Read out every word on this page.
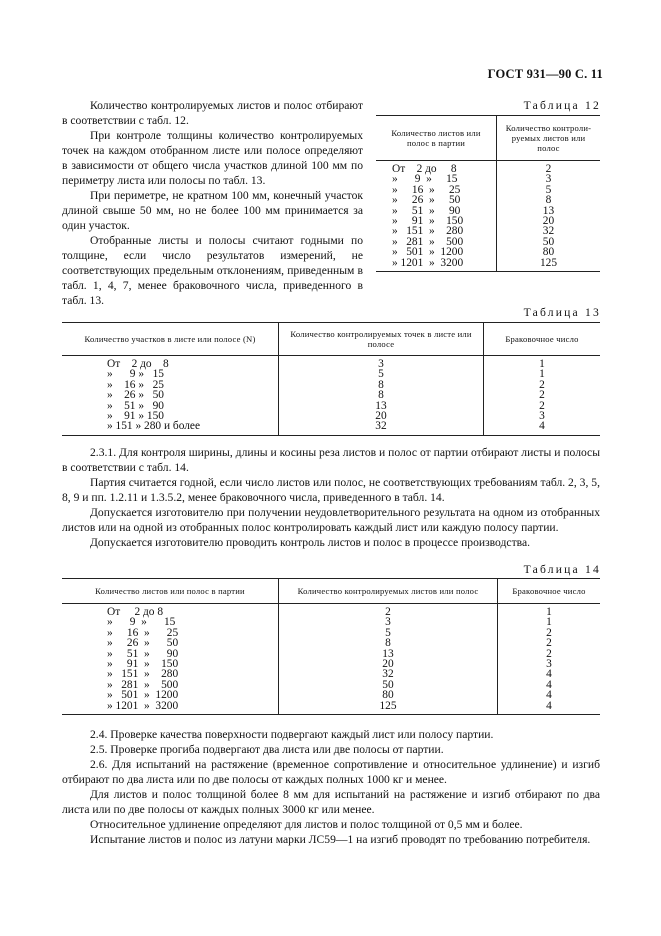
ГОСТ 931—90 С. 11

Количество контролируемых листов и полос отбирают в соответствии с табл. 12.

При контроле толщины количество контролируемых точек на каждом отобранном листе или полосе определяют в зависимости от общего числа участков длиной 100 мм по периметру листа или полосы по табл. 13.

При периметре, не кратном 100 мм, конечный участок длиной свыше 50 мм, но не более 100 мм принимается за один участок.

Отобранные листы и полосы считают годными по толщине, если число результатов измерений, не соответствующих предельным отклонениям, приведенным в табл. 1, 4, 7, менее браковочного числа, приведенного в табл. 13.

Таблица 12
Количество листов или полос в партии	Количество контроли-руемых листов или полос
От    2 до     8	2
»      9  »     15	3
»     16  »     25	5
»     26  »     50	8
»     51  »     90	13
»     91  »    150	20
»   151  »    280	32
»   281  »    500	50
»   501  »  1200	80
» 1201  »  3200	125
Таблица 13
Количество участков в листе или полосе (N)	Количество контролируемых точек в листе или полосе	Браковочное число
От    2 до    8	3	1
»      9 »   15	5	1
»    16 »   25	8	2
»    26 »   50	8	2
»    51 »   90	13	2
»    91 » 150	20	3
» 151 » 280 и более	32	4

2.3.1. Для контроля ширины, длины и косины реза листов и полос от партии отбирают листы и полосы в соответствии с табл. 14.

Партия считается годной, если число листов или полос, не соответствующих требованиям табл. 2, 3, 5, 8, 9 и пп. 1.2.11 и 1.3.5.2, менее браковочного числа, приведенного в табл. 14.

Допускается изготовителю при получении неудовлетворительного результата на одном из отобранных листов или на одной из отобранных полос контролировать каждый лист или каждую полосу партии.

Допускается изготовителю проводить контроль листов и полос в процессе производства.

Таблица 14
Количество листов или полос в партии	Количество контролируемых листов или полос	Браковочное число
От     2 до 8	2	1
»      9  »      15	3	1
»     16  »      25	5	2
»     26  »      50	8	2
»     51  »      90	13	2
»     91  »    150	20	3
»   151  »    280	32	4
»   281  »    500	50	4
»   501  »  1200	80	4
» 1201  »  3200	125	4

2.4. Проверке качества поверхности подвергают каждый лист или полосу партии.

2.5. Проверке прогиба подвергают два листа или две полосы от партии.

2.6. Для испытаний на растяжение (временное сопротивление и относительное удлинение) и изгиб отбирают по два листа или по две полосы от каждых полных 1000 кг и менее.

Для листов и полос толщиной более 8 мм для испытаний на растяжение и изгиб отбирают по два листа или по две полосы от каждых полных 3000 кг или менее.

Относительное удлинение определяют для листов и полос толщиной от 0,5 мм и более.

Испытание листов и полос из латуни марки ЛС59—1 на изгиб проводят по требованию потребителя.
